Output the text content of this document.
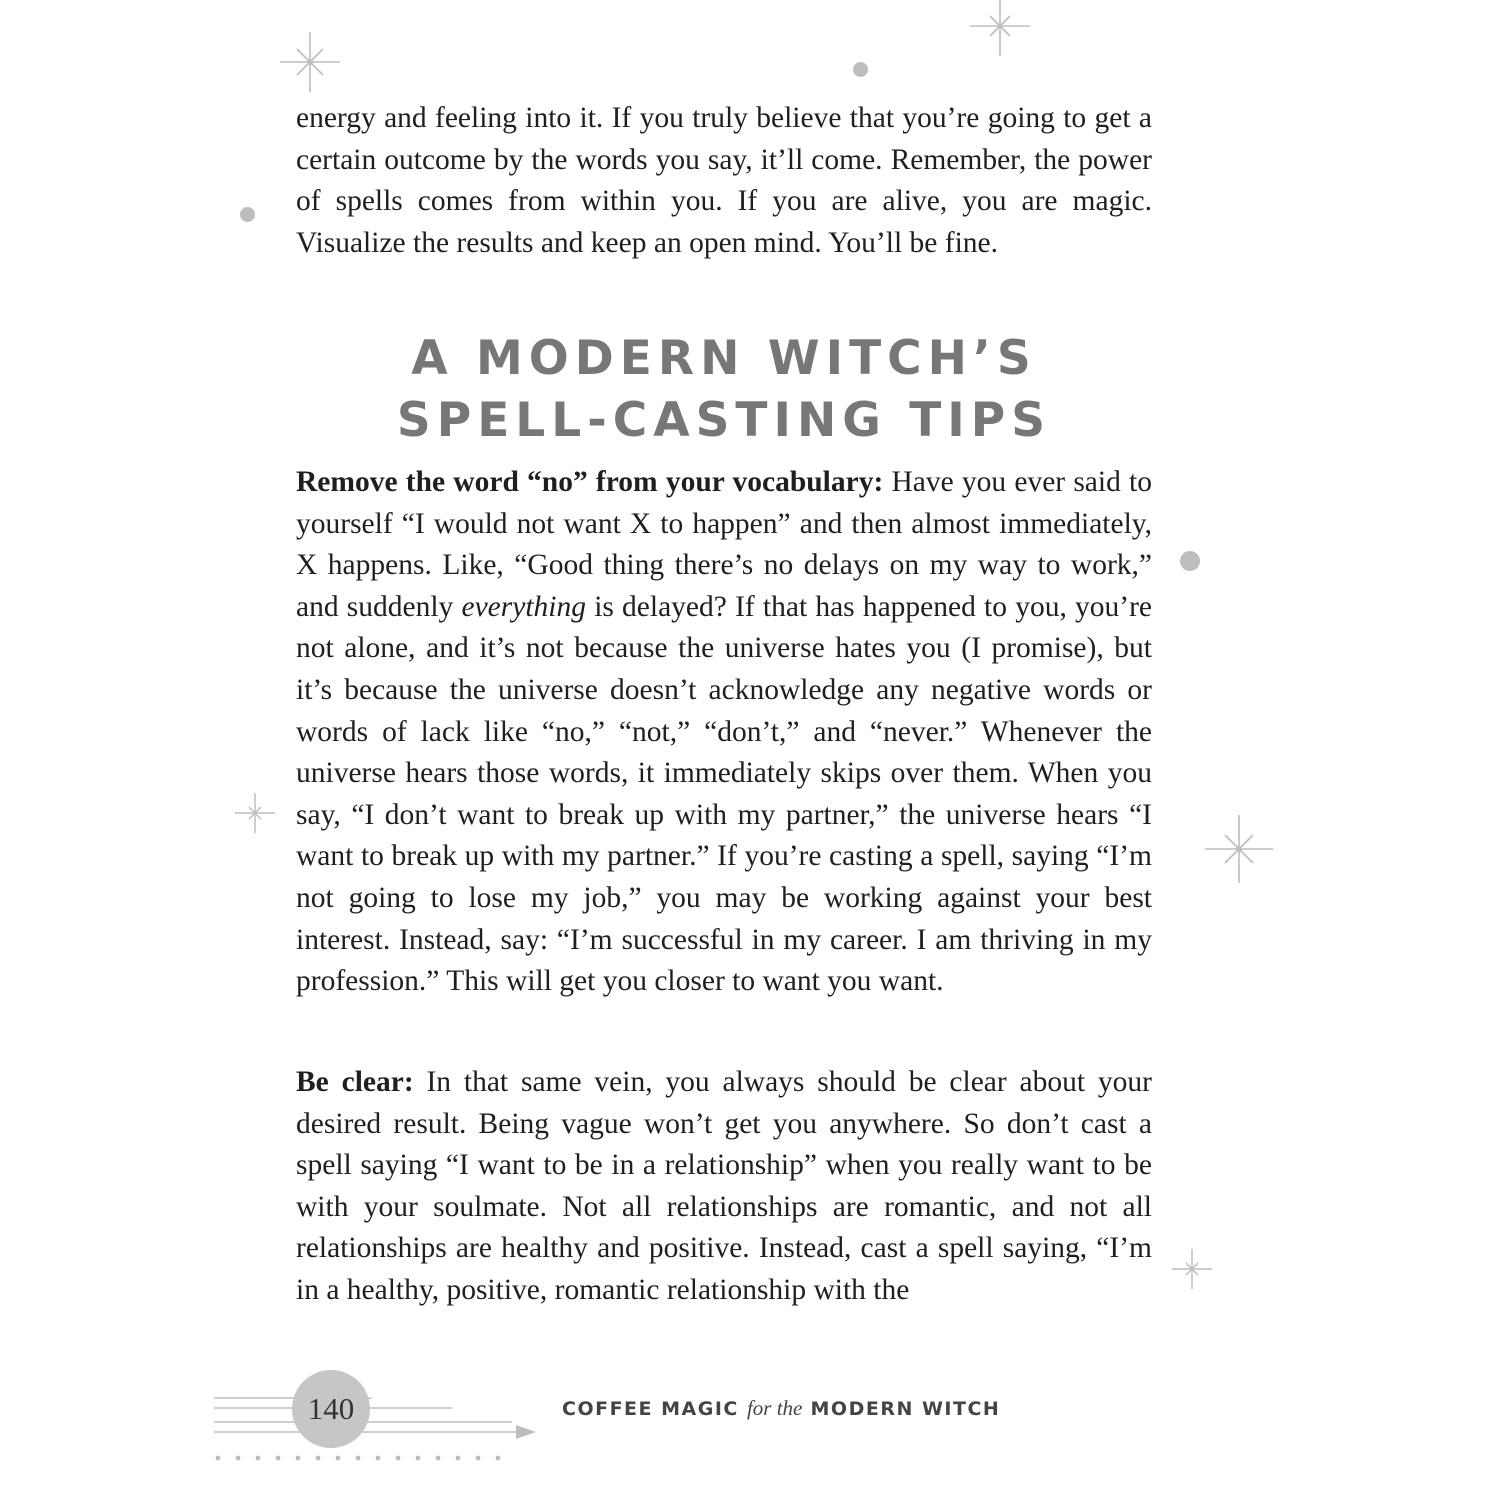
energy and feeling into it. If you truly believe that you’re going to get a certain outcome by the words you say, it’ll come. Remember, the power of spells comes from within you. If you are alive, you are magic. Visualize the results and keep an open mind. You’ll be fine.
A MODERN WITCH’S
SPELL-CASTING TIPS
Remove the word “no” from your vocabulary: Have you ever said to yourself “I would not want X to happen” and then almost immediately, X happens. Like, “Good thing there’s no delays on my way to work,” and suddenly everything is delayed? If that has happened to you, you’re not alone, and it’s not because the universe hates you (I promise), but it’s because the universe doesn’t acknowledge any negative words or words of lack like “no,” “not,” “don’t,” and “never.” Whenever the universe hears those words, it immediately skips over them. When you say, “I don’t want to break up with my partner,” the universe hears “I want to break up with my partner.” If you’re casting a spell, saying “I’m not going to lose my job,” you may be working against your best interest. Instead, say: “I’m successful in my career. I am thriving in my profession.” This will get you closer to want you want.
Be clear: In that same vein, you always should be clear about your desired result. Being vague won’t get you anywhere. So don’t cast a spell saying “I want to be in a relationship” when you really want to be with your soulmate. Not all relationships are romantic, and not all relationships are healthy and positive. Instead, cast a spell saying, “I’m in a healthy, positive, romantic relationship with the
140	COFFEE MAGIC for the MODERN WITCH
